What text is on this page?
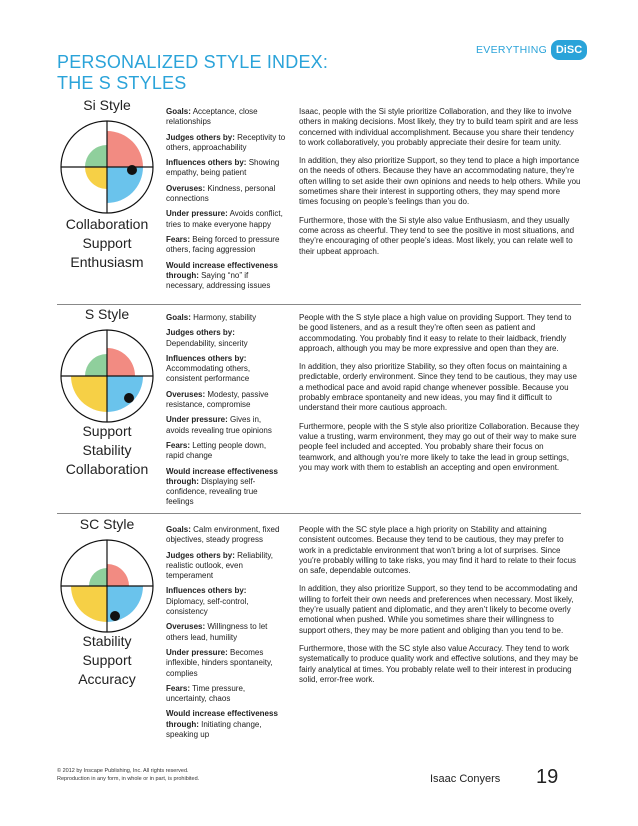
PERSONALIZED STYLE INDEX:
THE S STYLES
EVERYTHING DiSC
Si Style
Collaboration
Support
Enthusiasm
Goals: Acceptance, close relationships
Judges others by: Receptivity to others, approachability
Influences others by: Showing empathy, being patient
Overuses: Kindness, personal connections
Under pressure: Avoids conflict, tries to make everyone happy
Fears: Being forced to pressure others, facing aggression
Would increase effectiveness through: Saying “no” if necessary, addressing issues

Isaac, people with the Si style prioritize Collaboration, and they like to involve others in making decisions. Most likely, they try to build team spirit and are less concerned with individual accomplishment. Because you share their tendency to work collaboratively, you probably appreciate their desire for team unity.

In addition, they also prioritize Support, so they tend to place a high importance on the needs of others. Because they have an accommodating nature, they’re often willing to set aside their own opinions and needs to help others. While you sometimes share their interest in supporting others, they may spend more times focusing on people’s feelings than you do.

Furthermore, those with the Si style also value Enthusiasm, and they usually come across as cheerful. They tend to see the positive in most situations, and they’re encouraging of other people’s ideas. Most likely, you can relate well to their upbeat approach.

S Style
Support
Stability
Collaboration
Goals: Harmony, stability
Judges others by: Dependability, sincerity
Influences others by: Accommodating others, consistent performance
Overuses: Modesty, passive resistance, compromise
Under pressure: Gives in, avoids revealing true opinions
Fears: Letting people down, rapid change
Would increase effectiveness through: Displaying self-confidence, revealing true feelings

People with the S style place a high value on providing Support. They tend to be good listeners, and as a result they’re often seen as patient and accommodating. You probably find it easy to relate to their laidback, friendly approach, although you may be more expressive and open than they are.

In addition, they also prioritize Stability, so they often focus on maintaining a predictable, orderly environment. Since they tend to be cautious, they may use a methodical pace and avoid rapid change whenever possible. Because you probably embrace spontaneity and new ideas, you may find it difficult to understand their more cautious approach.

Furthermore, people with the S style also prioritize Collaboration. Because they value a trusting, warm environment, they may go out of their way to make sure people feel included and accepted. You probably share their focus on teamwork, and although you’re more likely to take the lead in group settings, you may work with them to establish an accepting and open environment.

SC Style
Stability
Support
Accuracy
Goals: Calm environment, fixed objectives, steady progress
Judges others by: Reliability, realistic outlook, even temperament
Influences others by: Diplomacy, self-control, consistency
Overuses: Willingness to let others lead, humility
Under pressure: Becomes inflexible, hinders spontaneity, complies
Fears: Time pressure, uncertainty, chaos
Would increase effectiveness through: Initiating change, speaking up

People with the SC style place a high priority on Stability and attaining consistent outcomes. Because they tend to be cautious, they may prefer to work in a predictable environment that won’t bring a lot of surprises. Since you’re probably willing to take risks, you may find it hard to relate to their focus on safe, dependable outcomes.

In addition, they also prioritize Support, so they tend to be accommodating and willing to forfeit their own needs and preferences when necessary. Most likely, they’re usually patient and diplomatic, and they aren’t likely to become overly emotional when pushed. While you sometimes share their willingness to support others, they may be more patient and obliging than you tend to be.

Furthermore, those with the SC style also value Accuracy. They tend to work systematically to produce quality work and effective solutions, and they may be fairly analytical at times. You probably relate well to their interest in producing solid, error-free work.

© 2012 by Inscape Publishing, Inc. All rights reserved.
Reproduction in any form, in whole or in part, is prohibited.	Isaac Conyers 19
